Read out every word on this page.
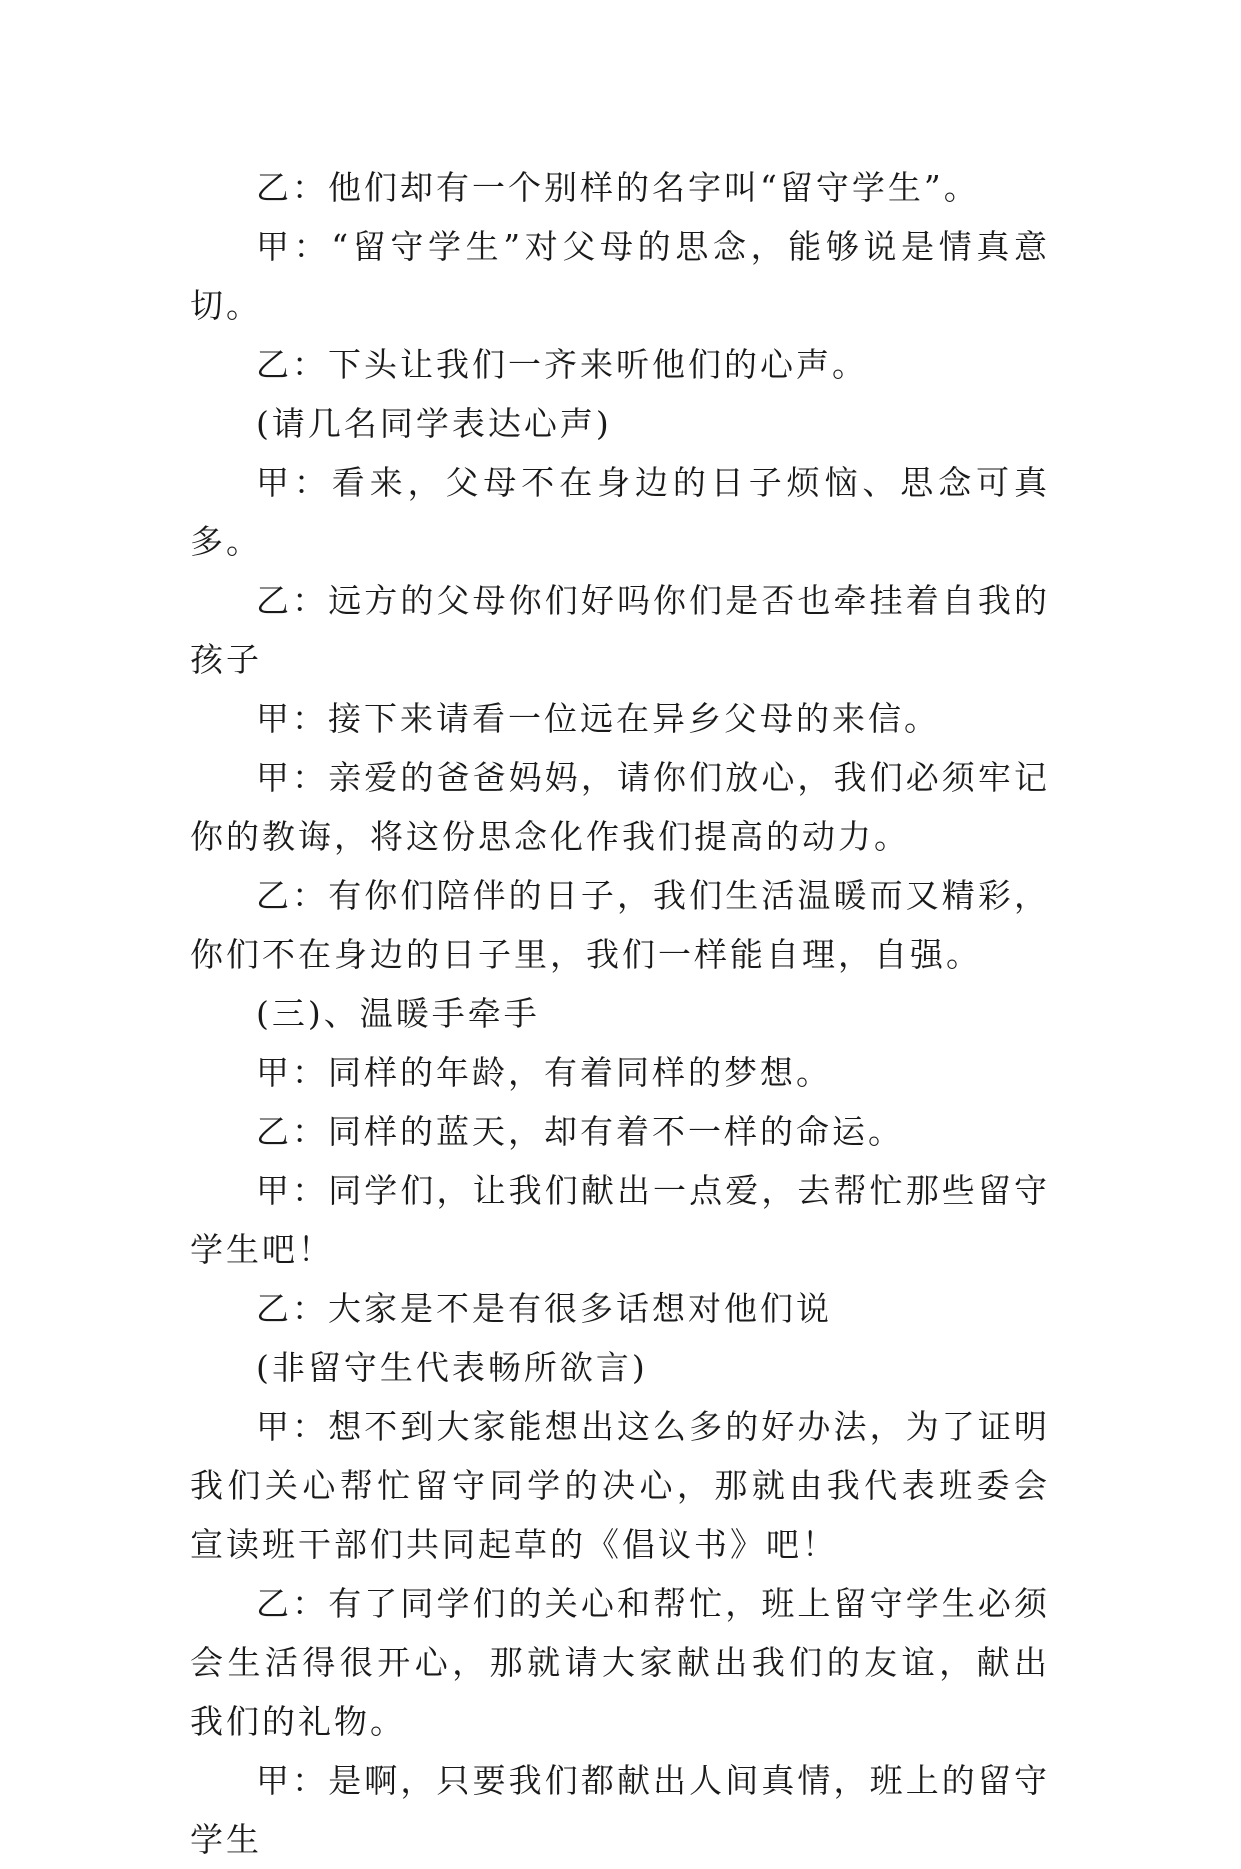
乙：他们却有一个别样的名字叫“留守学生”。

甲：“留守学生”对父母的思念，能够说是情真意切。

乙：下头让我们一齐来听他们的心声。

(请几名同学表达心声)

甲：看来，父母不在身边的日子烦恼、思念可真多。

乙：远方的父母你们好吗你们是否也牵挂着自我的孩子

甲：接下来请看一位远在异乡父母的来信。

甲：亲爱的爸爸妈妈，请你们放心，我们必须牢记你的教诲，将这份思念化作我们提高的动力。

乙：有你们陪伴的日子，我们生活温暖而又精彩，你们不在身边的日子里，我们一样能自理，自强。

(三)、温暖手牵手

甲：同样的年龄，有着同样的梦想。

乙：同样的蓝天，却有着不一样的命运。

甲：同学们，让我们献出一点爱，去帮忙那些留守学生吧！

乙：大家是不是有很多话想对他们说

(非留守生代表畅所欲言)

甲：想不到大家能想出这么多的好办法，为了证明我们关心帮忙留守同学的决心，那就由我代表班委会宣读班干部们共同起草的《倡议书》吧！

乙：有了同学们的关心和帮忙，班上留守学生必须会生活得很开心，那就请大家献出我们的友谊，献出我们的礼物。

甲：是啊，只要我们都献出人间真情，班上的留守学生
